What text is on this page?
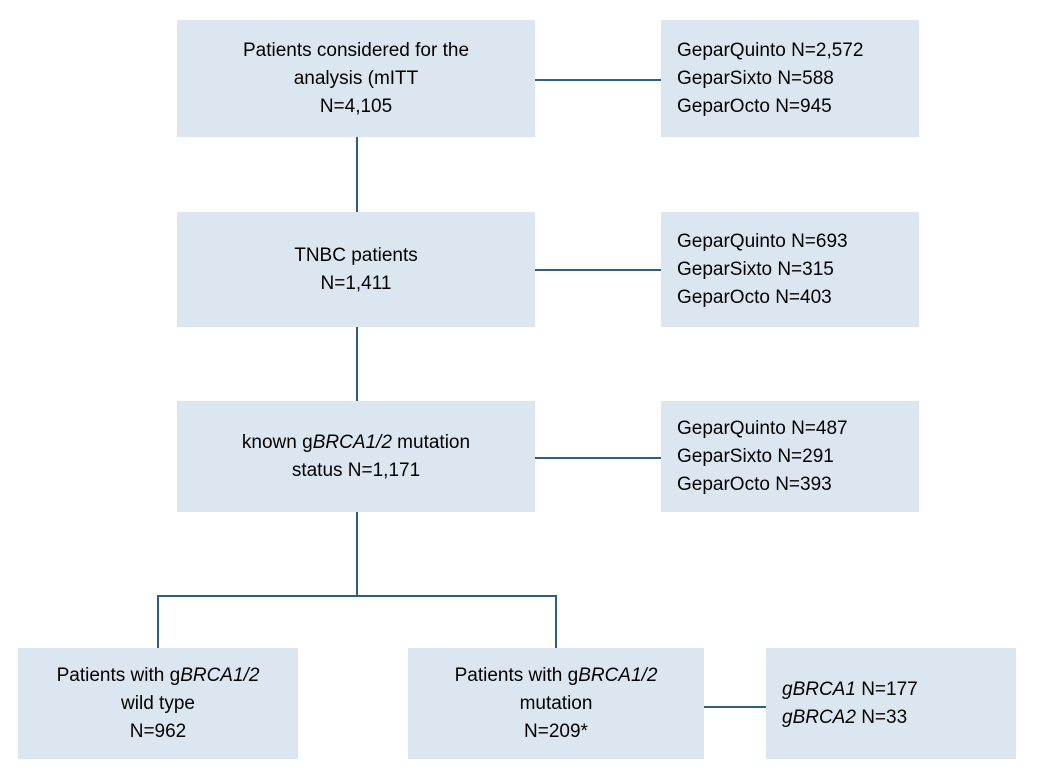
Patients considered for the
analysis (mITT
N=4,105
GeparQuinto N=2,572
GeparSixto N=588
GeparOcto N=945
TNBC patients
N=1,411
GeparQuinto N=693
GeparSixto N=315
GeparOcto N=403
known gBRCA1/2 mutation
status N=1,171
GeparQuinto N=487
GeparSixto N=291
GeparOcto N=393
Patients with gBRCA1/2
wild type
N=962
Patients with gBRCA1/2
mutation
N=209*
gBRCA1 N=177
gBRCA2 N=33
